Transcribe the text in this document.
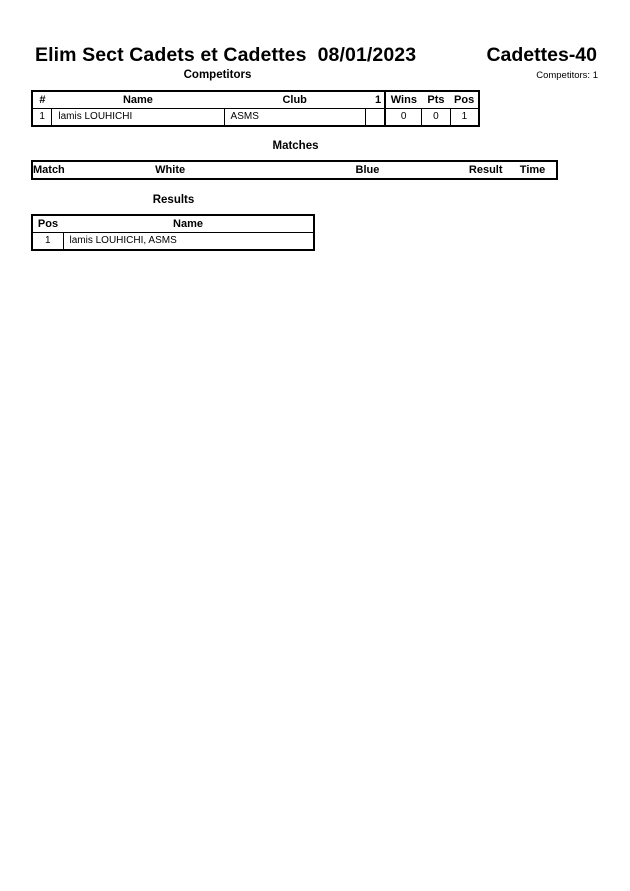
Elim Sect Cadets et Cadettes  08/01/2023	Cadettes-40
Competitors	Competitors: 1
#	Name	Club	1	Wins	Pts	Pos
1	lamis LOUHICHI	ASMS		0	0	1
Matches
Match	White	Blue	Result	Time
Results
Pos	Name
1	lamis LOUHICHI, ASMS
